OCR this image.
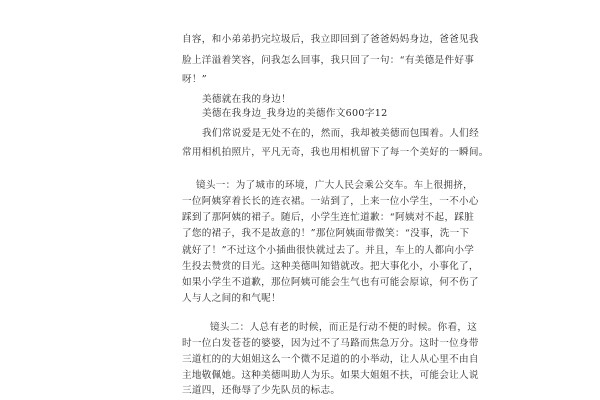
自容，和小弟弟扔完垃圾后，我立即回到了爸爸妈妈身边，爸爸见我
脸上洋溢着笑容，问我怎么回事，我只回了一句：“有美德是件好事
呀！”
美德就在我的身边！
美德在我身边_我身边的美德作文600字12
我们常说爱是无处不在的，然而，我却被美德而包围着。人们经
常用相机拍照片，平凡无奇，我也用相机留下了每一个美好的一瞬间。
镜头一：为了城市的环境，广大人民会乘公交车。车上很拥挤，
一位阿姨穿着长长的连衣裙。一站到了，上来一位小学生，一不小心
踩到了那阿姨的裙子。随后，小学生连忙道歉：“阿姨对不起，踩脏
了您的裙子，我不是故意的！”那位阿姨面带微笑：“没事，洗一下
就好了！”不过这个小插曲很快就过去了。并且，车上的人都向小学
生投去赞赏的目光。这种美德叫知错就改。把大事化小，小事化了，
如果小学生不道歉，那位阿姨可能会生气也有可能会原谅，何不伤了
人与人之间的和气呢！
镜头二：人总有老的时候，而正是行动不便的时候。你看，这
时一位白发苍苍的婆婆，因为过不了马路而焦急万分。这时一位身带
三道杠的的大姐姐这么一个微不足道的的小举动，让人从心里不由自
主地敬佩她。这种美德叫助人为乐。如果大姐姐不扶，可能会让人说
三道四，还侮辱了少先队员的标志。
